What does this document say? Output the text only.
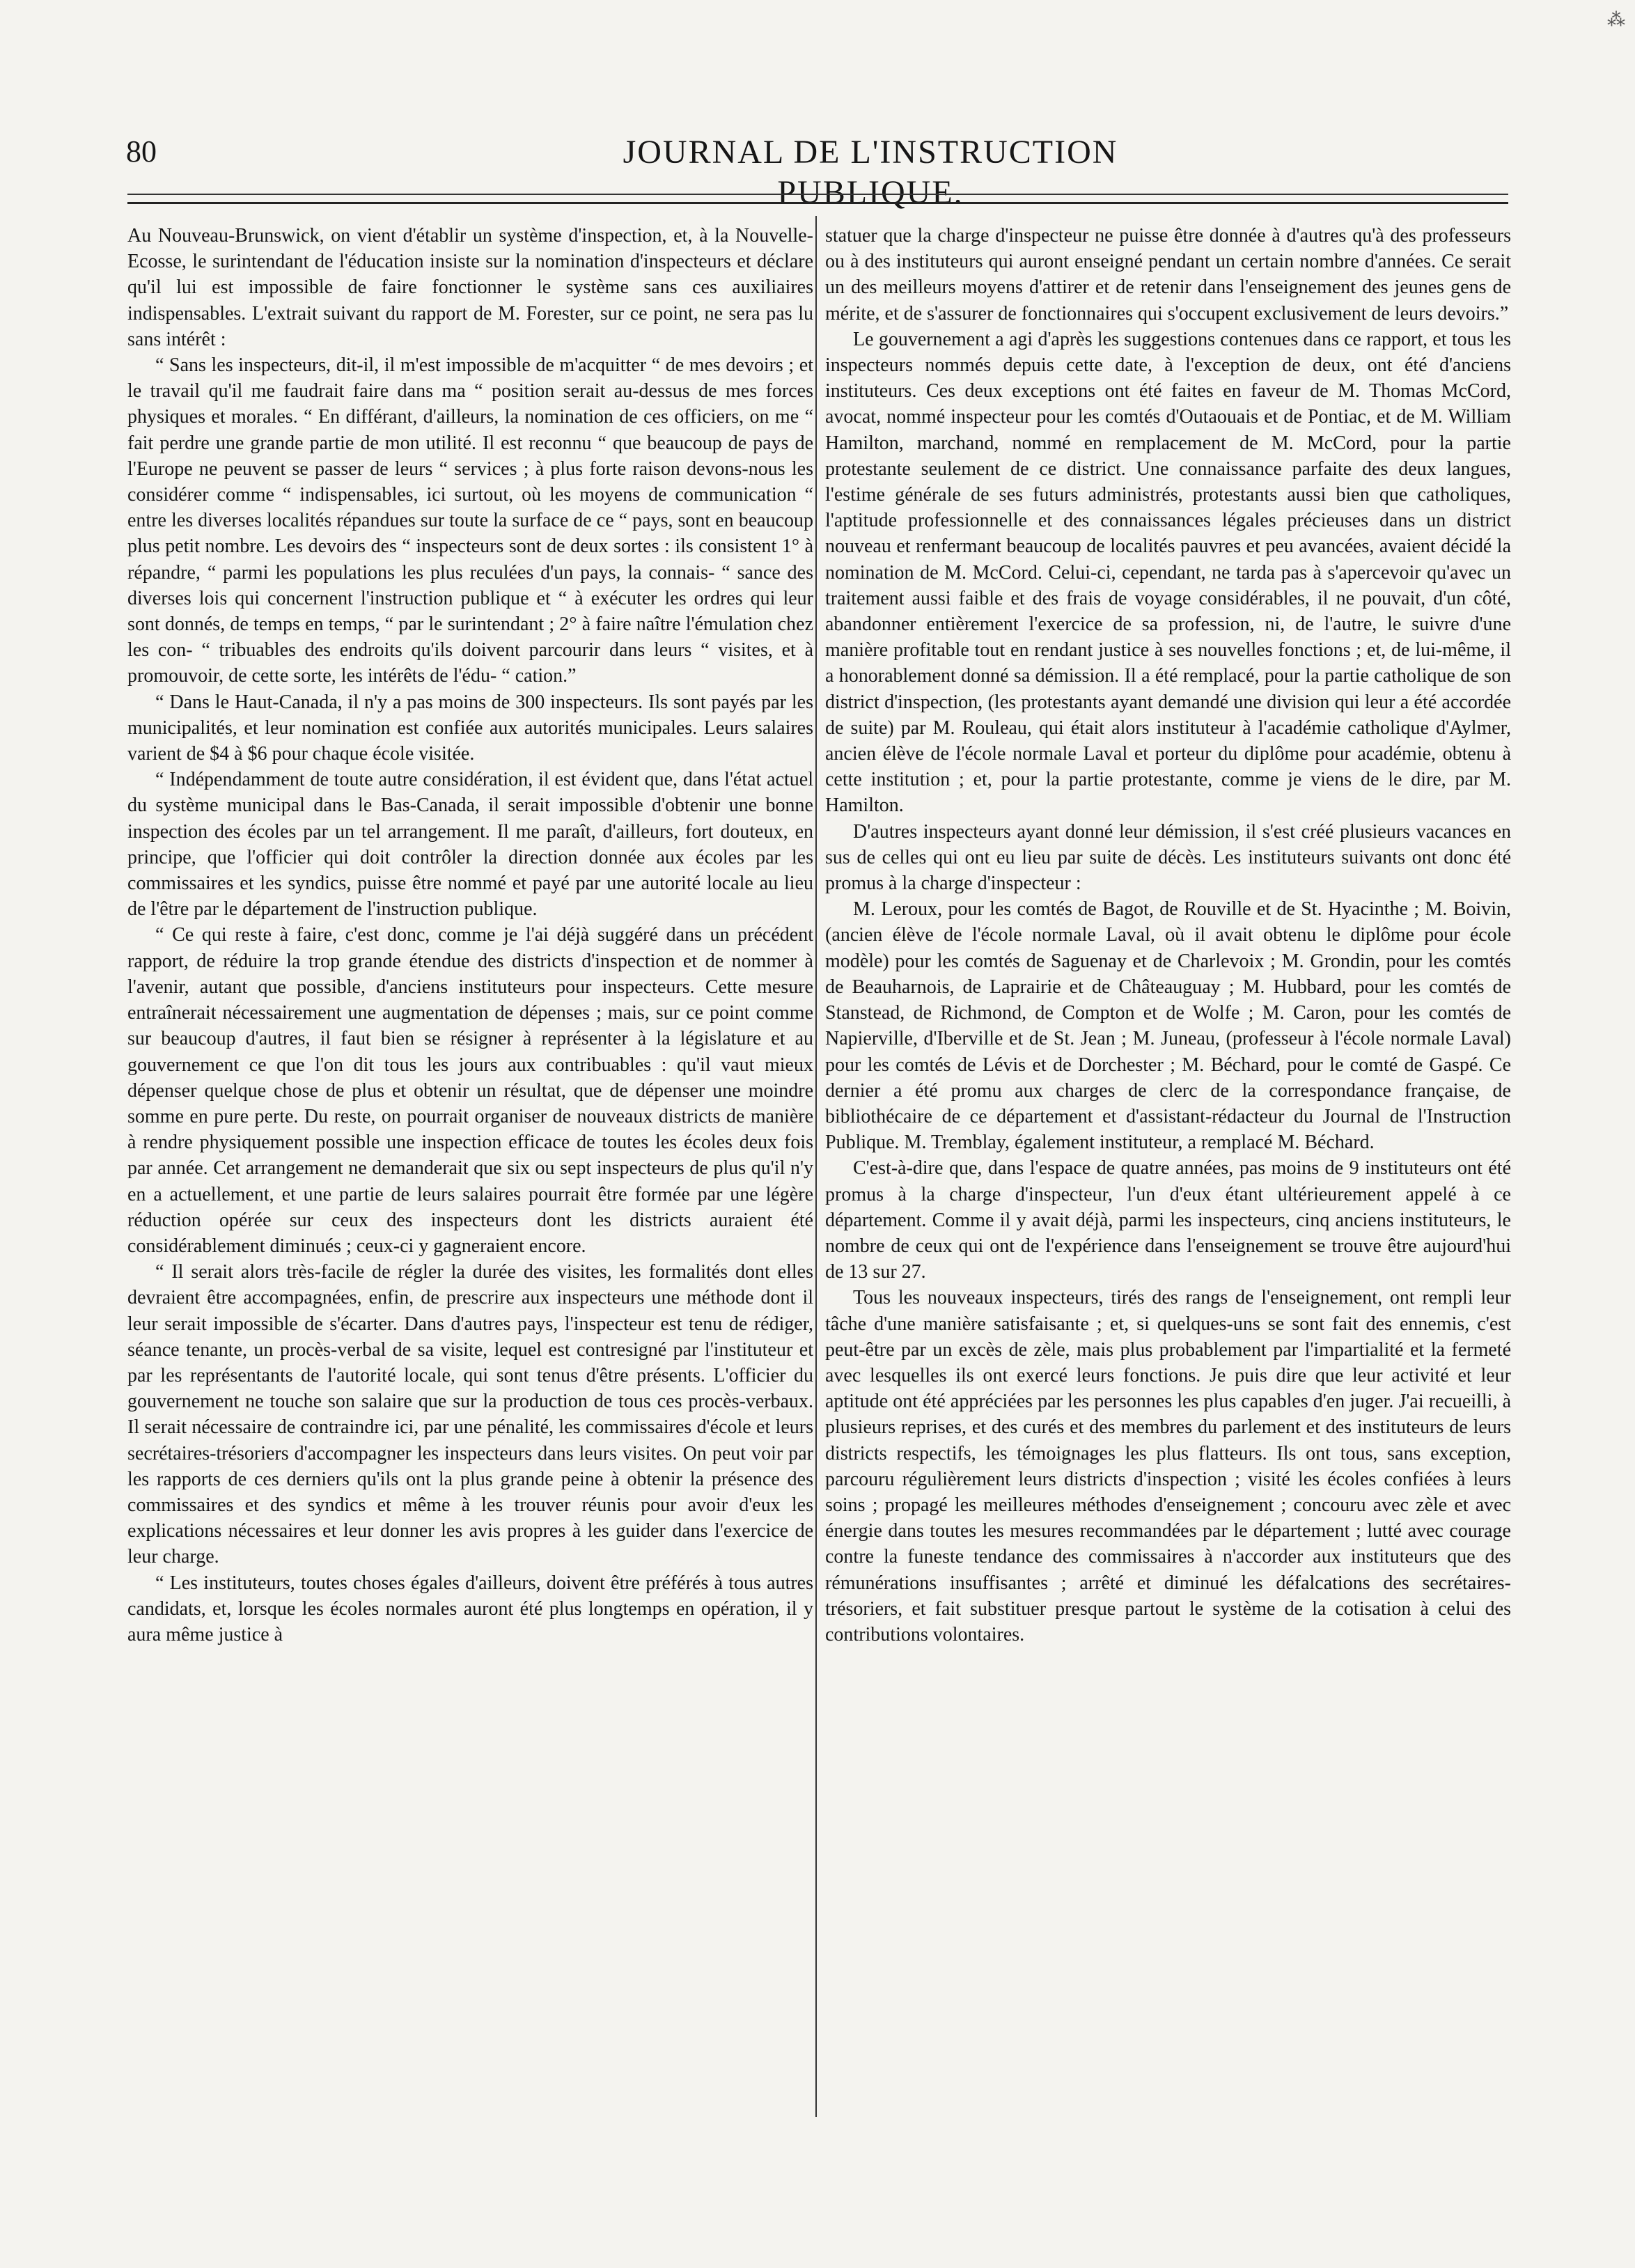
⁂
80	JOURNAL DE L'INSTRUCTION PUBLIQUE.

Au Nouveau-Brunswick, on vient d'établir un système d'inspection, et, à la Nouvelle-Ecosse, le surintendant de l'éducation insiste sur la nomination d'inspecteurs et déclare qu'il lui est impossible de faire fonctionner le système sans ces auxiliaires indispensables. L'extrait suivant du rapport de M. Forester, sur ce point, ne sera pas lu sans intérêt :

“ Sans les inspecteurs, dit-il, il m'est impossible de m'acquitter “ de mes devoirs ; et le travail qu'il me faudrait faire dans ma “ position serait au-dessus de mes forces physiques et morales. “ En différant, d'ailleurs, la nomination de ces officiers, on me “ fait perdre une grande partie de mon utilité. Il est reconnu “ que beaucoup de pays de l'Europe ne peuvent se passer de leurs “ services ; à plus forte raison devons-nous les considérer comme “ indispensables, ici surtout, où les moyens de communication “ entre les diverses localités répandues sur toute la surface de ce “ pays, sont en beaucoup plus petit nombre. Les devoirs des “ inspecteurs sont de deux sortes : ils consistent 1° à répandre, “ parmi les populations les plus reculées d'un pays, la connais- “ sance des diverses lois qui concernent l'instruction publique et “ à exécuter les ordres qui leur sont donnés, de temps en temps, “ par le surintendant ; 2° à faire naître l'émulation chez les con- “ tribuables des endroits qu'ils doivent parcourir dans leurs “ visites, et à promouvoir, de cette sorte, les intérêts de l'édu- “ cation.”

“ Dans le Haut-Canada, il n'y a pas moins de 300 inspecteurs. Ils sont payés par les municipalités, et leur nomination est confiée aux autorités municipales. Leurs salaires varient de $4 à $6 pour chaque école visitée.

“ Indépendamment de toute autre considération, il est évident que, dans l'état actuel du système municipal dans le Bas-Canada, il serait impossible d'obtenir une bonne inspection des écoles par un tel arrangement. Il me paraît, d'ailleurs, fort douteux, en principe, que l'officier qui doit contrôler la direction donnée aux écoles par les commissaires et les syndics, puisse être nommé et payé par une autorité locale au lieu de l'être par le département de l'instruction publique.

“ Ce qui reste à faire, c'est donc, comme je l'ai déjà suggéré dans un précédent rapport, de réduire la trop grande étendue des districts d'inspection et de nommer à l'avenir, autant que possible, d'anciens instituteurs pour inspecteurs. Cette mesure entraînerait nécessairement une augmentation de dépenses ; mais, sur ce point comme sur beaucoup d'autres, il faut bien se résigner à représenter à la législature et au gouvernement ce que l'on dit tous les jours aux contribuables : qu'il vaut mieux dépenser quelque chose de plus et obtenir un résultat, que de dépenser une moindre somme en pure perte. Du reste, on pourrait organiser de nouveaux districts de manière à rendre physiquement possible une inspection efficace de toutes les écoles deux fois par année. Cet arrangement ne demanderait que six ou sept inspecteurs de plus qu'il n'y en a actuellement, et une partie de leurs salaires pourrait être formée par une légère réduction opérée sur ceux des inspecteurs dont les districts auraient été considérablement diminués ; ceux-ci y gagneraient encore.

“ Il serait alors très-facile de régler la durée des visites, les formalités dont elles devraient être accompagnées, enfin, de prescrire aux inspecteurs une méthode dont il leur serait impossible de s'écarter. Dans d'autres pays, l'inspecteur est tenu de rédiger, séance tenante, un procès-verbal de sa visite, lequel est contresigné par l'instituteur et par les représentants de l'autorité locale, qui sont tenus d'être présents. L'officier du gouvernement ne touche son salaire que sur la production de tous ces procès-verbaux. Il serait nécessaire de contraindre ici, par une pénalité, les commissaires d'école et leurs secrétaires-trésoriers d'accompagner les inspecteurs dans leurs visites. On peut voir par les rapports de ces derniers qu'ils ont la plus grande peine à obtenir la présence des commissaires et des syndics et même à les trouver réunis pour avoir d'eux les explications nécessaires et leur donner les avis propres à les guider dans l'exercice de leur charge.

“ Les instituteurs, toutes choses égales d'ailleurs, doivent être préférés à tous autres candidats, et, lorsque les écoles normales auront été plus longtemps en opération, il y aura même justice à

statuer que la charge d'inspecteur ne puisse être donnée à d'autres qu'à des professeurs ou à des instituteurs qui auront enseigné pendant un certain nombre d'années. Ce serait un des meilleurs moyens d'attirer et de retenir dans l'enseignement des jeunes gens de mérite, et de s'assurer de fonctionnaires qui s'occupent exclusivement de leurs devoirs.”

Le gouvernement a agi d'après les suggestions contenues dans ce rapport, et tous les inspecteurs nommés depuis cette date, à l'exception de deux, ont été d'anciens instituteurs. Ces deux exceptions ont été faites en faveur de M. Thomas McCord, avocat, nommé inspecteur pour les comtés d'Outaouais et de Pontiac, et de M. William Hamilton, marchand, nommé en remplacement de M. McCord, pour la partie protestante seulement de ce district. Une connaissance parfaite des deux langues, l'estime générale de ses futurs administrés, protestants aussi bien que catholiques, l'aptitude professionnelle et des connaissances légales précieuses dans un district nouveau et renfermant beaucoup de localités pauvres et peu avancées, avaient décidé la nomination de M. McCord. Celui-ci, cependant, ne tarda pas à s'apercevoir qu'avec un traitement aussi faible et des frais de voyage considérables, il ne pouvait, d'un côté, abandonner entièrement l'exercice de sa profession, ni, de l'autre, le suivre d'une manière profitable tout en rendant justice à ses nouvelles fonctions ; et, de lui-même, il a honorablement donné sa démission. Il a été remplacé, pour la partie catholique de son district d'inspection, (les protestants ayant demandé une division qui leur a été accordée de suite) par M. Rouleau, qui était alors instituteur à l'académie catholique d'Aylmer, ancien élève de l'école normale Laval et porteur du diplôme pour académie, obtenu à cette institution ; et, pour la partie protestante, comme je viens de le dire, par M. Hamilton.

D'autres inspecteurs ayant donné leur démission, il s'est créé plusieurs vacances en sus de celles qui ont eu lieu par suite de décès. Les instituteurs suivants ont donc été promus à la charge d'inspecteur :

M. Leroux, pour les comtés de Bagot, de Rouville et de St. Hyacinthe ; M. Boivin, (ancien élève de l'école normale Laval, où il avait obtenu le diplôme pour école modèle) pour les comtés de Saguenay et de Charlevoix ; M. Grondin, pour les comtés de Beauharnois, de Laprairie et de Châteauguay ; M. Hubbard, pour les comtés de Stanstead, de Richmond, de Compton et de Wolfe ; M. Caron, pour les comtés de Napierville, d'Iberville et de St. Jean ; M. Juneau, (professeur à l'école normale Laval) pour les comtés de Lévis et de Dorchester ; M. Béchard, pour le comté de Gaspé. Ce dernier a été promu aux charges de clerc de la correspondance française, de bibliothécaire de ce département et d'assistant-rédacteur du Journal de l'Instruction Publique. M. Tremblay, également instituteur, a remplacé M. Béchard.

C'est-à-dire que, dans l'espace de quatre années, pas moins de 9 instituteurs ont été promus à la charge d'inspecteur, l'un d'eux étant ultérieurement appelé à ce département. Comme il y avait déjà, parmi les inspecteurs, cinq anciens instituteurs, le nombre de ceux qui ont de l'expérience dans l'enseignement se trouve être aujourd'hui de 13 sur 27.

Tous les nouveaux inspecteurs, tirés des rangs de l'enseignement, ont rempli leur tâche d'une manière satisfaisante ; et, si quelques-uns se sont fait des ennemis, c'est peut-être par un excès de zèle, mais plus probablement par l'impartialité et la fermeté avec lesquelles ils ont exercé leurs fonctions. Je puis dire que leur activité et leur aptitude ont été appréciées par les personnes les plus capables d'en juger. J'ai recueilli, à plusieurs reprises, et des curés et des membres du parlement et des instituteurs de leurs districts respectifs, les témoignages les plus flatteurs. Ils ont tous, sans exception, parcouru régulièrement leurs districts d'inspection ; visité les écoles confiées à leurs soins ; propagé les meilleures méthodes d'enseignement ; concouru avec zèle et avec énergie dans toutes les mesures recommandées par le département ; lutté avec courage contre la funeste tendance des commissaires à n'accorder aux instituteurs que des rémunérations insuffisantes ; arrêté et diminué les défalcations des secrétaires-trésoriers, et fait substituer presque partout le système de la cotisation à celui des contributions volontaires.
